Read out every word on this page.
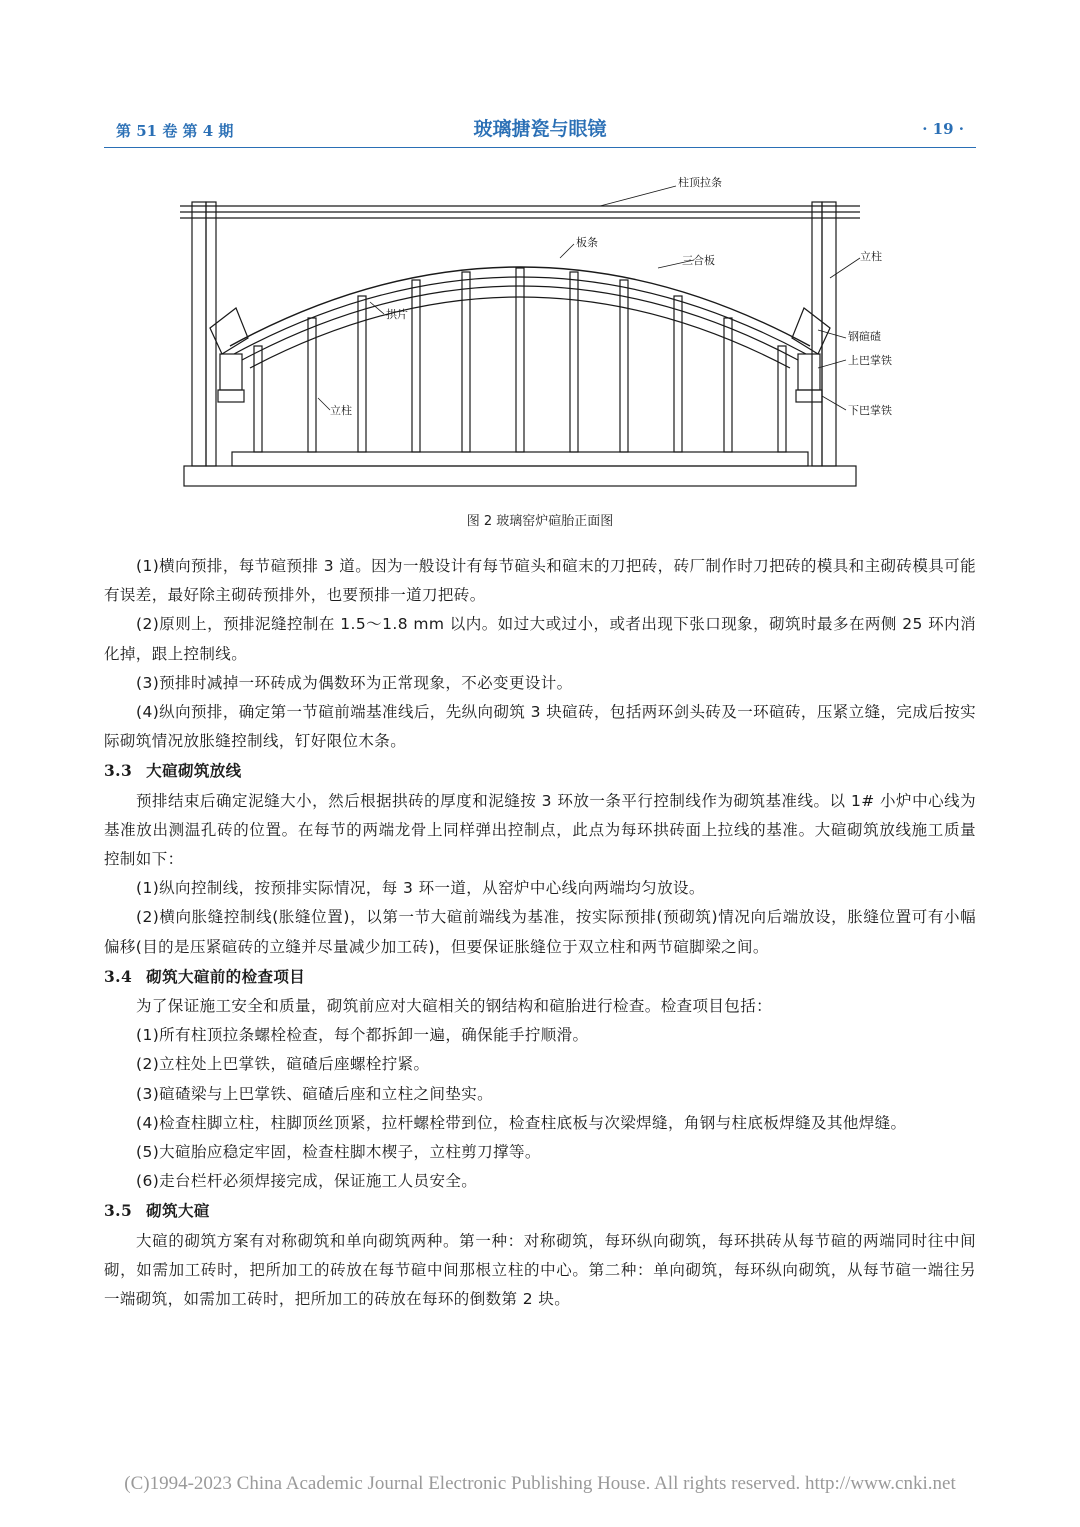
第 51 卷 第 4 期	玻璃搪瓷与眼镜	· 19 ·
柱顶拉条
板条
三合板	立柱
拱片
钢碹碴
上巴掌铁
立柱	下巴掌铁
图 2 玻璃窑炉碹胎正面图

(1)横向预排，每节碹预排 3 道。因为一般设计有每节碹头和碹末的刀把砖，砖厂制作时刀把砖的模具和主砌砖模具可能有误差，最好除主砌砖预排外，也要预排一道刀把砖。

(2)原则上，预排泥缝控制在 1.5～1.8 mm 以内。如过大或过小，或者出现下张口现象，砌筑时最多在两侧 25 环内消化掉，跟上控制线。

(3)预排时减掉一环砖成为偶数环为正常现象，不必变更设计。

(4)纵向预排，确定第一节碹前端基准线后，先纵向砌筑 3 块碹砖，包括两环剑头砖及一环碹砖，压紧立缝，完成后按实际砌筑情况放胀缝控制线，钉好限位木条。

3.3 大碹砌筑放线

预排结束后确定泥缝大小，然后根据拱砖的厚度和泥缝按 3 环放一条平行控制线作为砌筑基准线。以 1# 小炉中心线为基准放出测温孔砖的位置。在每节的两端龙骨上同样弹出控制点，此点为每环拱砖面上拉线的基准。大碹砌筑放线施工质量控制如下：

(1)纵向控制线，按预排实际情况，每 3 环一道，从窑炉中心线向两端均匀放设。

(2)横向胀缝控制线(胀缝位置)，以第一节大碹前端线为基准，按实际预排(预砌筑)情况向后端放设，胀缝位置可有小幅偏移(目的是压紧碹砖的立缝并尽量减少加工砖)，但要保证胀缝位于双立柱和两节碹脚梁之间。

3.4 砌筑大碹前的检查项目

为了保证施工安全和质量，砌筑前应对大碹相关的钢结构和碹胎进行检查。检查项目包括：

(1)所有柱顶拉条螺栓检查，每个都拆卸一遍，确保能手拧顺滑。

(2)立柱处上巴掌铁，碹碴后座螺栓拧紧。

(3)碹碴梁与上巴掌铁、碹碴后座和立柱之间垫实。

(4)检查柱脚立柱，柱脚顶丝顶紧，拉杆螺栓带到位，检查柱底板与次梁焊缝，角钢与柱底板焊缝及其他焊缝。

(5)大碹胎应稳定牢固，检查柱脚木楔子，立柱剪刀撑等。

(6)走台栏杆必须焊接完成，保证施工人员安全。

3.5 砌筑大碹

大碹的砌筑方案有对称砌筑和单向砌筑两种。第一种：对称砌筑，每环纵向砌筑，每环拱砖从每节碹的两端同时往中间砌，如需加工砖时，把所加工的砖放在每节碹中间那根立柱的中心。第二种：单向砌筑，每环纵向砌筑，从每节碹一端往另一端砌筑，如需加工砖时，把所加工的砖放在每环的倒数第 2 块。

(C)1994-2023 China Academic Journal Electronic Publishing House. All rights reserved. http://www.cnki.net
